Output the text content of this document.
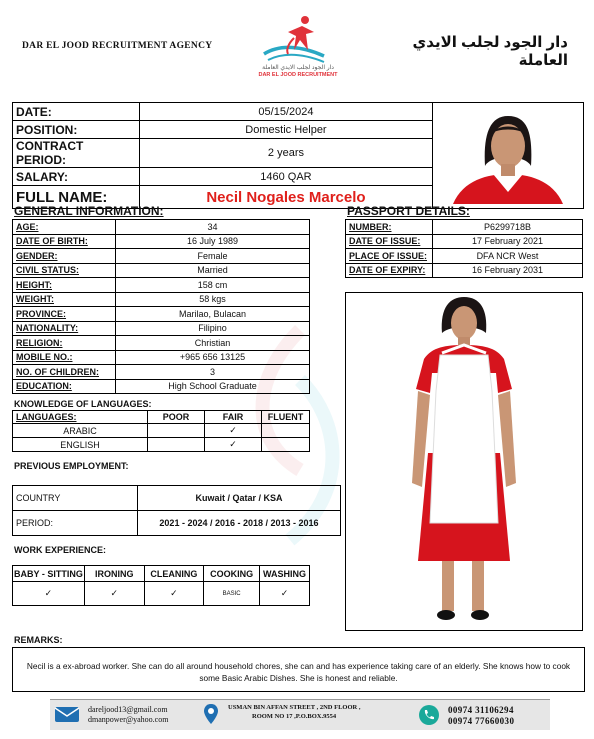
DAR EL JOOD RECRUITMENT AGENCY
دار الجود لجلب الايدي العاملة
DAR EL JOOD RECRUITMENT
دار الجود لجلب الايدي العاملة
DATE:	05/15/2024	

POSITION:	Domestic Helper	
CONTRACT PERIOD:	2 years	
SALARY:	1460 QAR	
FULL NAME:	Necil Nogales Marcelo	
GENERAL INFORMATION:
AGE:	34
DATE OF BIRTH:	16 July 1989
GENDER:	Female
CIVIL STATUS:	Married
HEIGHT:	158 cm
WEIGHT:	58 kgs
PROVINCE:	Marilao, Bulacan
NATIONALITY:	Filipino
RELIGION:	Christian
MOBILE NO.:	+965 656 13125
NO. OF CHILDREN:	3
EDUCATION:	High School Graduate
PASSPORT DETAILS:
NUMBER:	P6299718B
DATE OF ISSUE:	17 February 2021
PLACE OF ISSUE:	DFA NCR West
DATE OF EXPIRY:	16 February 2031
KNOWLEDGE OF LANGUAGES:
LANGUAGES:	POOR	FAIR	FLUENT
ARABIC		✓	
ENGLISH		✓	
PREVIOUS EMPLOYMENT:
COUNTRY	Kuwait / Qatar / KSA
PERIOD:	2021 - 2024 / 2016 - 2018 / 2013 - 2016
WORK EXPERIENCE:
BABY - SITTING	IRONING	CLEANING	COOKING	WASHING
✓	✓	✓	BASIC	✓
REMARKS:
Necil is a ex-abroad worker. She can do all around household chores, she can and has experience taking care of an elderly. She knows how to cook some Basic Arabic Dishes. She is honest and reliable.
dareljood13@gmail.com
dmanpower@yahoo.com
USMAN BIN AFFAN STREET , 2ND FLOOR ,
ROOM NO 17 ,P.O.BOX.9554
00974 31106294
00974 77660030
